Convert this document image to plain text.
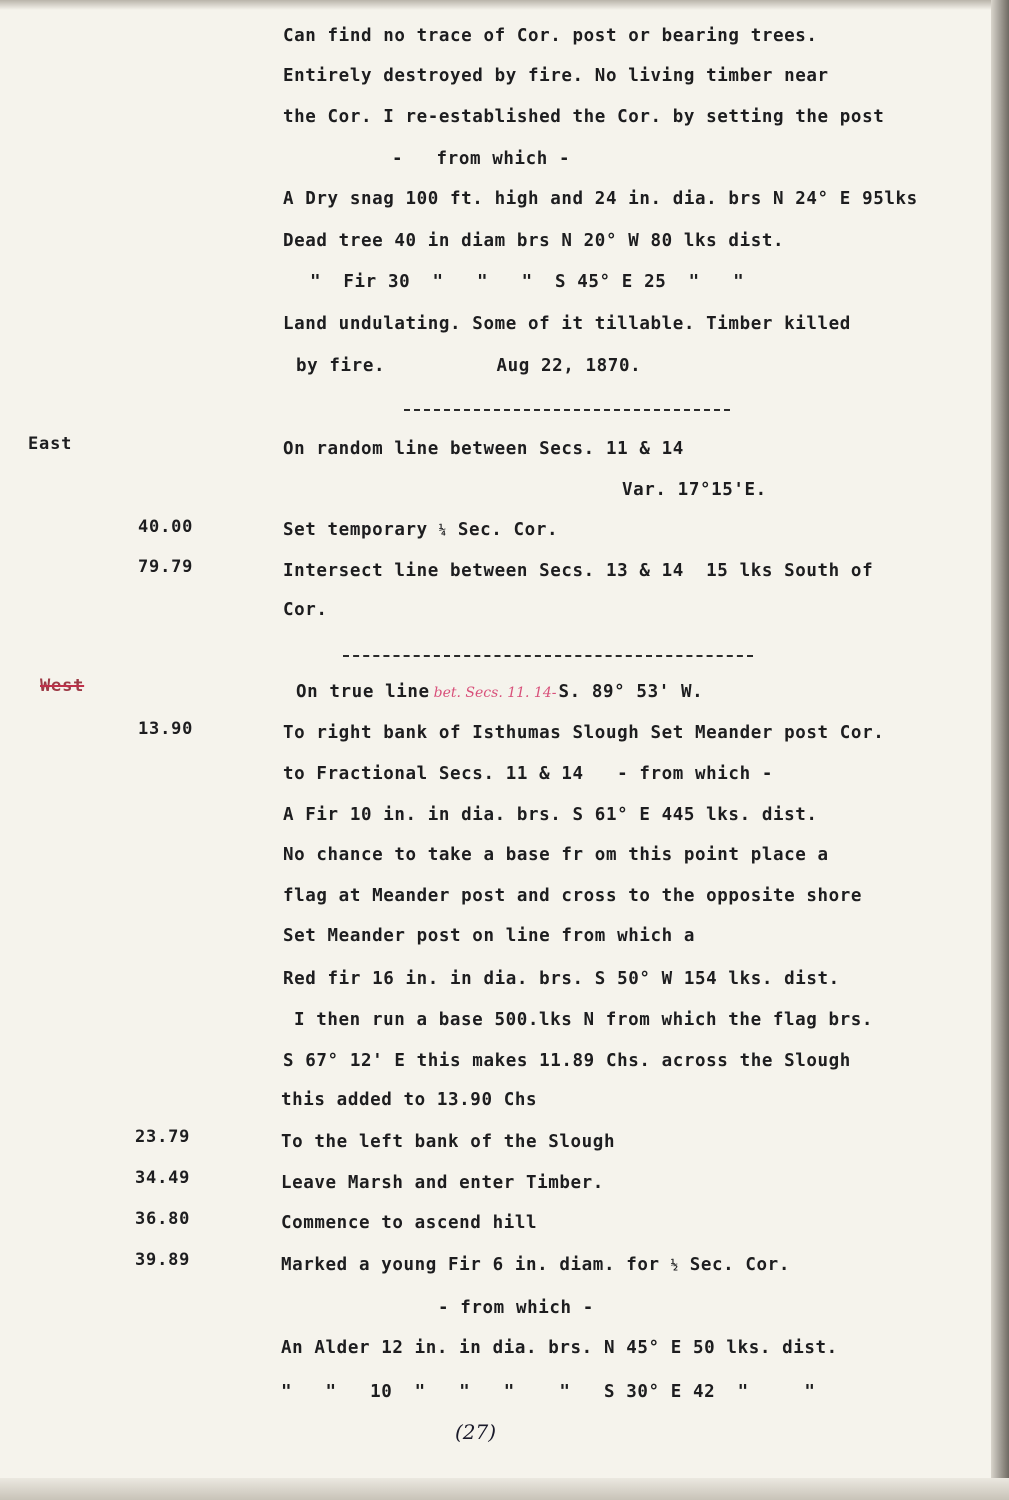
East
West
40.00
79.79
13.90
23.79
34.49
36.80
39.89
Can find no trace of Cor. post or bearing trees.
Entirely destroyed by fire. No living timber near
the Cor. I re-established the Cor. by setting the post
-   from which -
A Dry snag 100 ft. high and 24 in. dia. brs N 24° E 95lks
Dead tree 40 in diam brs N 20° W 80 lks dist.
"  Fir 30  "   "   "  S 45° E 25  "   "
Land undulating. Some of it tillable. Timber killed
by fire.          Aug 22, 1870.
On random line between Secs. 11 & 14
Var. 17°15'E.
Set temporary ¼ Sec. Cor.
Intersect line between Secs. 13 & 14  15 lks South of
Cor.
On true line bet. Secs. 11. 14- S. 89° 53' W.
To right bank of Isthumas Slough Set Meander post Cor.
to Fractional Secs. 11 & 14   - from which -
A Fir 10 in. in dia. brs. S 61° E 445 lks. dist.
No chance to take a base fr om this point place a
flag at Meander post and cross to the opposite shore
Set Meander post on line from which a
Red fir 16 in. in dia. brs. S 50° W 154 lks. dist.
I then run a base 500.lks N from which the flag brs.
S 67° 12' E this makes 11.89 Chs. across the Slough
this added to 13.90 Chs
To the left bank of the Slough
Leave Marsh and enter Timber.
Commence to ascend hill
Marked a young Fir 6 in. diam. for ½ Sec. Cor.
- from which -
An Alder 12 in. in dia. brs. N 45° E 50 lks. dist.
"   "   10  "   "   "    "   S 30° E 42  "     "
(27)
